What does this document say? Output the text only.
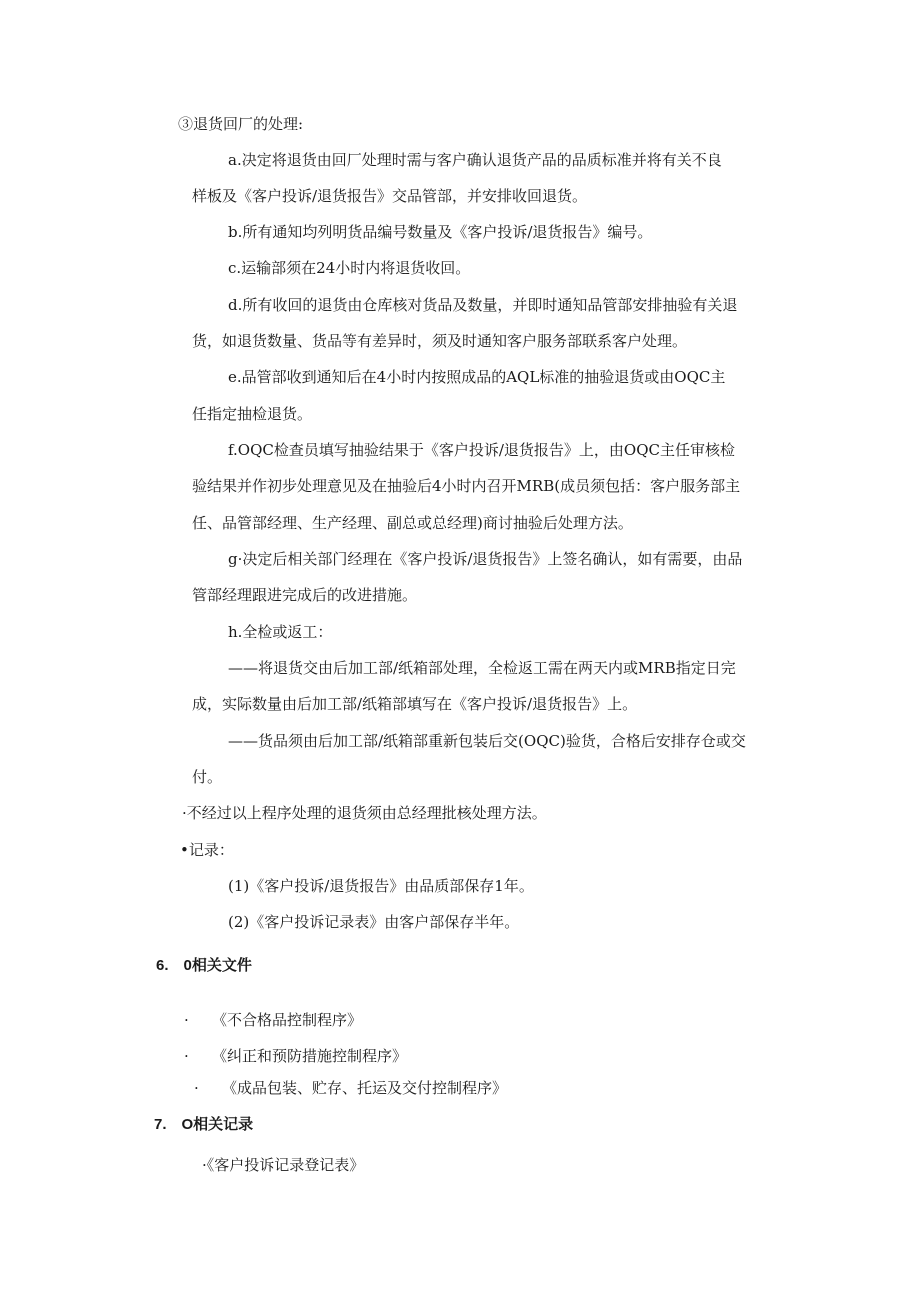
③退货回厂的处理:
a.决定将退货由回厂处理时需与客户确认退货产品的品质标准并将有关不良
样板及《客户投诉/退货报告》交品管部，并安排收回退货。
b.所有通知均列明货品编号数量及《客户投诉/退货报告》编号。
c.运输部须在24小时内将退货收回。
d.所有收回的退货由仓库核对货品及数量，并即时通知品管部安排抽验有关退
货，如退货数量、货品等有差异时，须及时通知客户服务部联系客户处理。
e.品管部收到通知后在4小时内按照成品的AQL标准的抽验退货或由OQC主
任指定抽检退货。
f.OQC检查员填写抽验结果于《客户投诉/退货报告》上，由OQC主任审核检
验结果并作初步处理意见及在抽验后4小时内召开MRB(成员须包括：客户服务部主
任、品管部经理、生产经理、副总或总经理)商讨抽验后处理方法。
g·决定后相关部门经理在《客户投诉/退货报告》上签名确认，如有需要，由品
管部经理跟进完成后的改进措施。
h.全检或返工：
——将退货交由后加工部/纸箱部处理，全检返工需在两天内或MRB指定日完
成，实际数量由后加工部/纸箱部填写在《客户投诉/退货报告》上。
——货品须由后加工部/纸箱部重新包装后交(OQC)验货，合格后安排存仓或交
付。
·不经过以上程序处理的退货须由总经理批核处理方法。
•记录：
(1)《客户投诉/退货报告》由品质部保存1年。
(2)《客户投诉记录表》由客户部保存半年。
6.　0相关文件
· 《不合格品控制程序》
· 《纠正和预防措施控制程序》
· 《成品包装、贮存、托运及交付控制程序》
7.　O相关记录
·《客户投诉记录登记表》
